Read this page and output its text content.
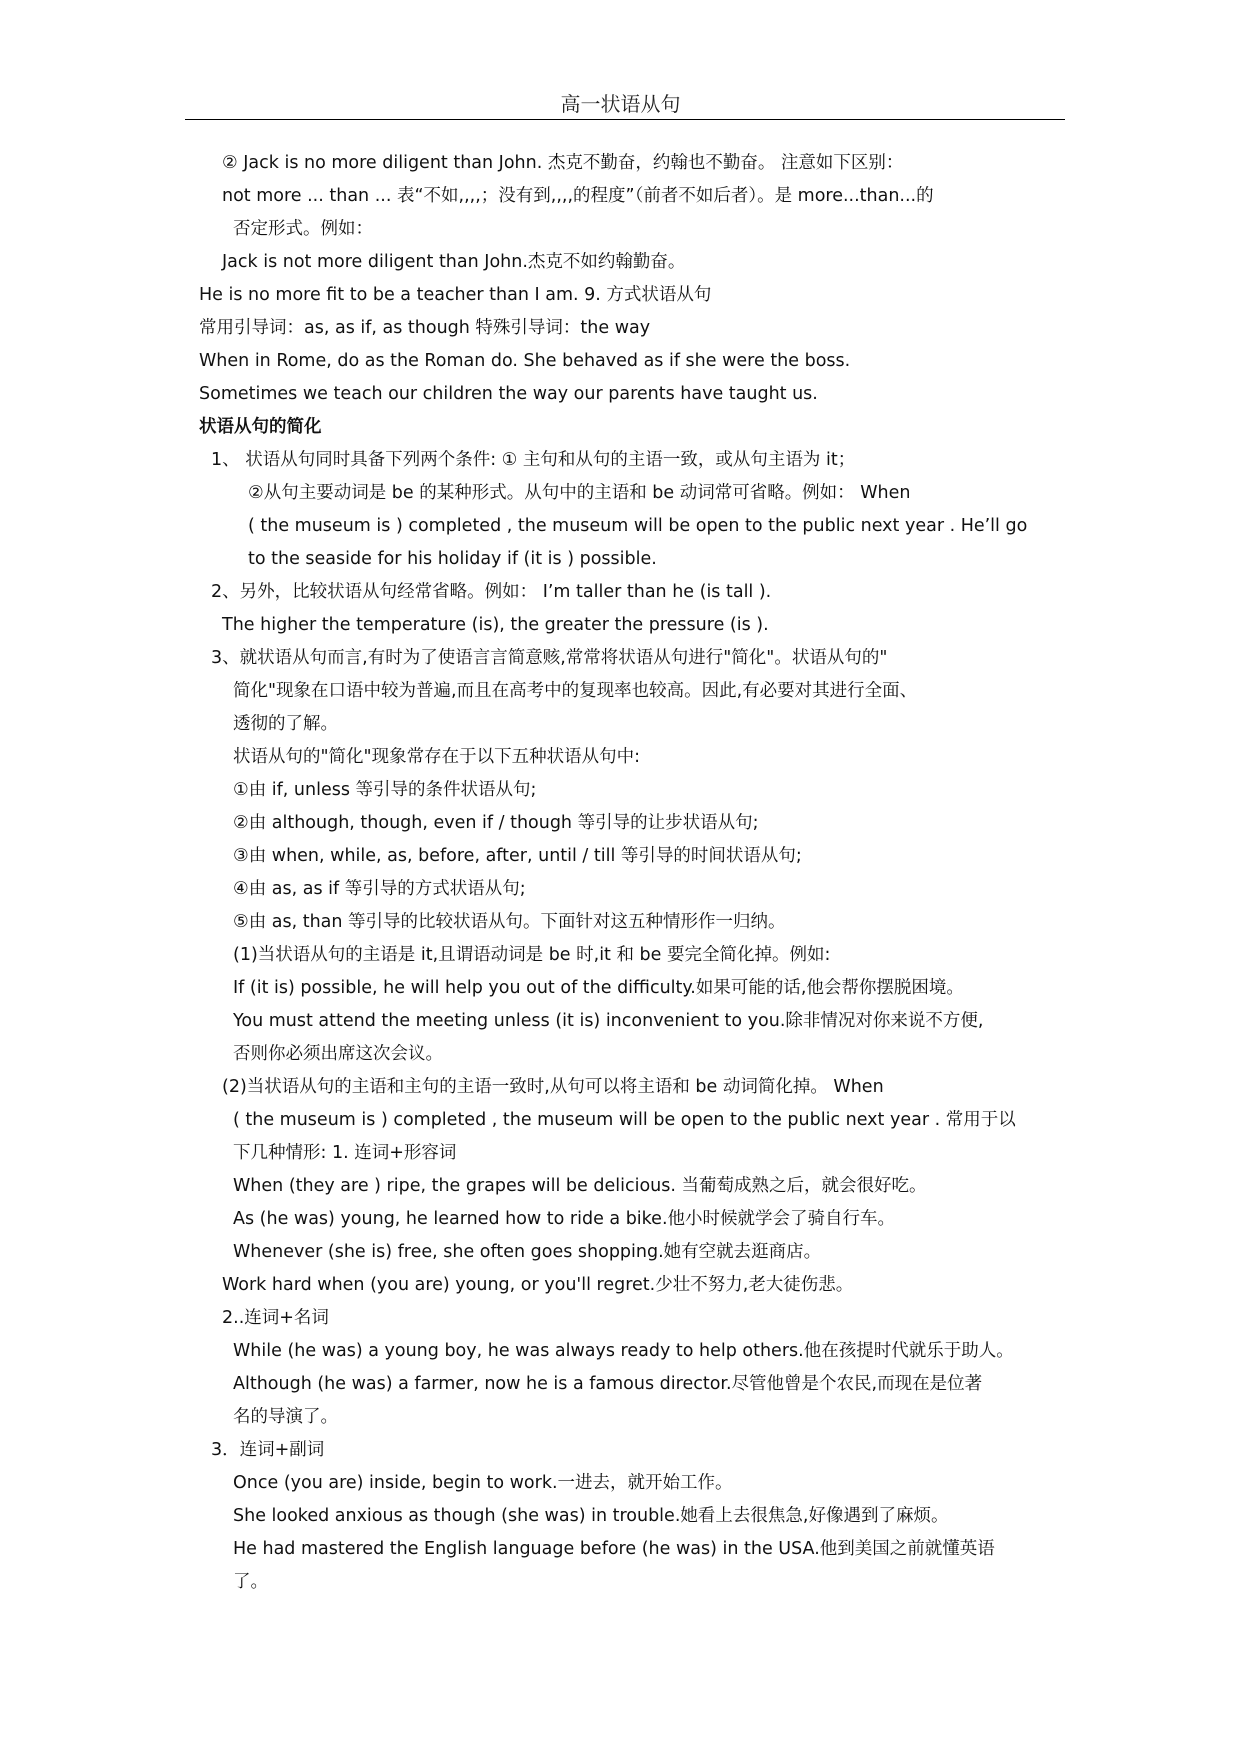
高一状语从句
② Jack is no more diligent than John. 杰克不勤奋，约翰也不勤奋。 注意如下区别：
not more ... than ... 表“不如,,,,；没有到,,,,的程度”（前者不如后者）。是 more...than...的
否定形式。例如：
Jack is not more diligent than John.杰克不如约翰勤奋。
He is no more fit to be a teacher than I am. 9. 方式状语从句
常用引导词：as, as if, as though 特殊引导词：the way
When in Rome, do as the Roman do. She behaved as if she were the boss.
Sometimes we teach our children the way our parents have taught us.
状语从句的简化
1、 状语从句同时具备下列两个条件: ① 主句和从句的主语一致，或从句主语为 it；
②从句主要动词是 be 的某种形式。从句中的主语和 be 动词常可省略。例如： When
( the museum is ) completed , the museum will be open to the public next year . He’ll go
to the seaside for his holiday if (it is ) possible.
2、另外，比较状语从句经常省略。例如： I’m taller than he (is tall ).
The higher the temperature (is), the greater the pressure (is ).
3、就状语从句而言,有时为了使语言言简意赅,常常将状语从句进行"简化"。状语从句的"
简化"现象在口语中较为普遍,而且在高考中的复现率也较高。因此,有必要对其进行全面、
透彻的了解。
状语从句的"简化"现象常存在于以下五种状语从句中:
①由 if, unless 等引导的条件状语从句;
②由 although, though, even if / though 等引导的让步状语从句;
③由 when, while, as, before, after, until / till 等引导的时间状语从句;
④由 as, as if 等引导的方式状语从句;
⑤由 as, than 等引导的比较状语从句。下面针对这五种情形作一归纳。
(1)当状语从句的主语是 it,且谓语动词是 be 时,it 和 be 要完全简化掉。例如:
If (it is) possible, he will help you out of the difficulty.如果可能的话,他会帮你摆脱困境。
You must attend the meeting unless (it is) inconvenient to you.除非情况对你来说不方便,
否则你必须出席这次会议。
(2)当状语从句的主语和主句的主语一致时,从句可以将主语和 be 动词简化掉。 When
( the museum is ) completed , the museum will be open to the public next year . 常用于以
下几种情形: 1. 连词+形容词
When (they are ) ripe, the grapes will be delicious. 当葡萄成熟之后，就会很好吃。
As (he was) young, he learned how to ride a bike.他小时候就学会了骑自行车。
Whenever (she is) free, she often goes shopping.她有空就去逛商店。
Work hard when (you are) young, or you'll regret.少壮不努力,老大徒伤悲。
2..连词+名词
While (he was) a young boy, he was always ready to help others.他在孩提时代就乐于助人。
Although (he was) a farmer, now he is a famous director.尽管他曾是个农民,而现在是位著
名的导演了。
3．连词+副词
Once (you are) inside, begin to work.一进去，就开始工作。
She looked anxious as though (she was) in trouble.她看上去很焦急,好像遇到了麻烦。
He had mastered the English language before (he was) in the USA.他到美国之前就懂英语
了。
